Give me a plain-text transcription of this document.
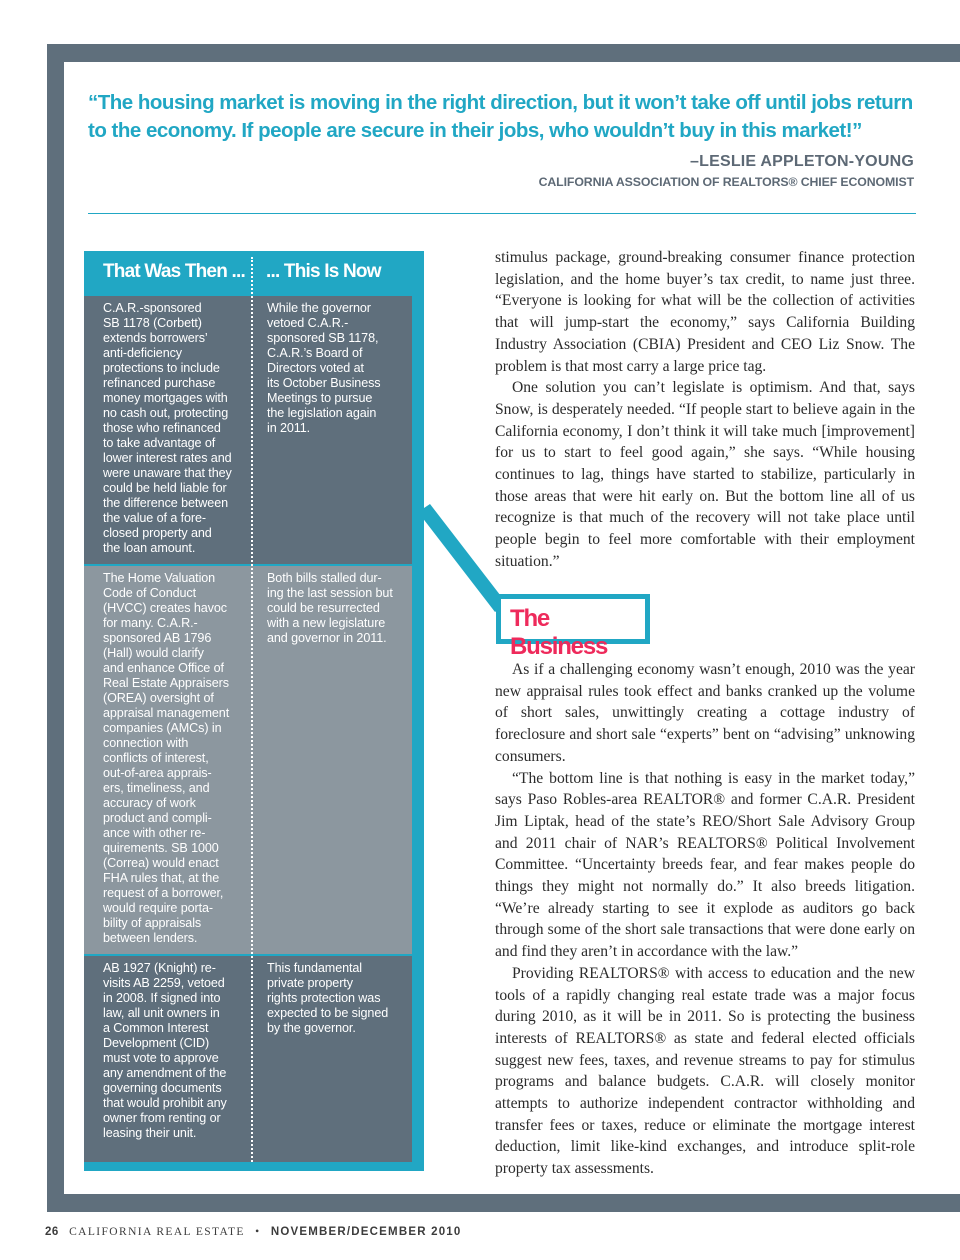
“The housing market is moving in the right direction, but it won’t take off until jobs return to the economy. If people are secure in their jobs, who wouldn’t buy in this market!”

–LESLIE APPLETON-YOUNG
CALIFORNIA ASSOCIATION OF REALTORS® CHIEF ECONOMIST
That Was Then ... ... This Is Now
C.A.R.-sponsored
SB 1178 (Corbett)
extends borrowers’
anti-deficiency
protections to include
refinanced purchase
money mortgages with
no cash out, protecting
those who refinanced
to take advantage of
lower interest rates and
were unaware that they
could be held liable for
the difference between
the value of a fore-
closed property and
the loan amount.
While the governor
vetoed C.A.R.-
sponsored SB 1178,
C.A.R.’s Board of
Directors voted at
its October Business
Meetings to pursue
the legislation again
in 2011.
The Home Valuation
Code of Conduct
(HVCC) creates havoc
for many. C.A.R.-
sponsored AB 1796
(Hall) would clarify
and enhance Office of
Real Estate Appraisers
(OREA) oversight of
appraisal management
companies (AMCs) in
connection with
conflicts of interest,
out-of-area apprais-
ers, timeliness, and
accuracy of work
product and compli-
ance with other re-
quirements. SB 1000
(Correa) would enact
FHA rules that, at the
request of a borrower,
would require porta-
bility of appraisals
between lenders.
Both bills stalled dur-
ing the last session but
could be resurrected
with a new legislature
and governor in 2011.
AB 1927 (Knight) re-
visits AB 2259, vetoed
in 2008. If signed into
law, all unit owners in
a Common Interest
Development (CID)
must vote to approve
any amendment of the
governing documents
that would prohibit any
owner from renting or
leasing their unit.
This fundamental
private property
rights protection was
expected to be signed
by the governor.

stimulus package, ground-breaking consumer finance protection legislation, and the home buyer’s tax credit, to name just three. “Everyone is looking for what will be the collection of activities that will jump-start the economy,” says California Building Industry Association (CBIA) President and CEO Liz Snow. The problem is that most carry a large price tag.

One solution you can’t legislate is optimism. And that, says Snow, is desperately needed. “If people start to believe again in the California economy, I don’t think it will take much [improvement] for us to start to feel good again,” she says. “While housing continues to lag, things have started to stabilize, particularly in those areas that were hit early on. But the bottom line all of us recognize is that much of the recovery will not take place until people begin to feel more comfortable with their employment situation.”

The Business

As if a challenging economy wasn’t enough, 2010 was the year new appraisal rules took effect and banks cranked up the volume of short sales, unwittingly creating a cottage industry of foreclosure and short sale “experts” bent on “advising” unknowing consumers.

“The bottom line is that nothing is easy in the market today,” says Paso Robles-area REALTOR® and former C.A.R. President Jim Liptak, head of the state’s REO/Short Sale Advisory Group and 2011 chair of NAR’s REALTORS® Political Involvement Committee. “Uncertainty breeds fear, and fear makes people do things they might not normally do.” It also breeds litigation. “We’re already starting to see it explode as auditors go back through some of the short sale transactions that were done early on and find they aren’t in accordance with the law.”

Providing REALTORS® with access to education and the new tools of a rapidly changing real estate trade was a major focus during 2010, as it will be in 2011. So is protecting the business interests of REALTORS® as state and federal elected officials suggest new fees, taxes, and revenue streams to pay for stimulus programs and balance budgets. C.A.R. will closely monitor attempts to authorize independent contractor withholding and transfer fees or taxes, reduce or eliminate the mortgage interest deduction, limit like-kind exchanges, and introduce split-role property tax assessments.

26 CALIFORNIA REAL ESTATE • NOVEMBER/DECEMBER 2010
